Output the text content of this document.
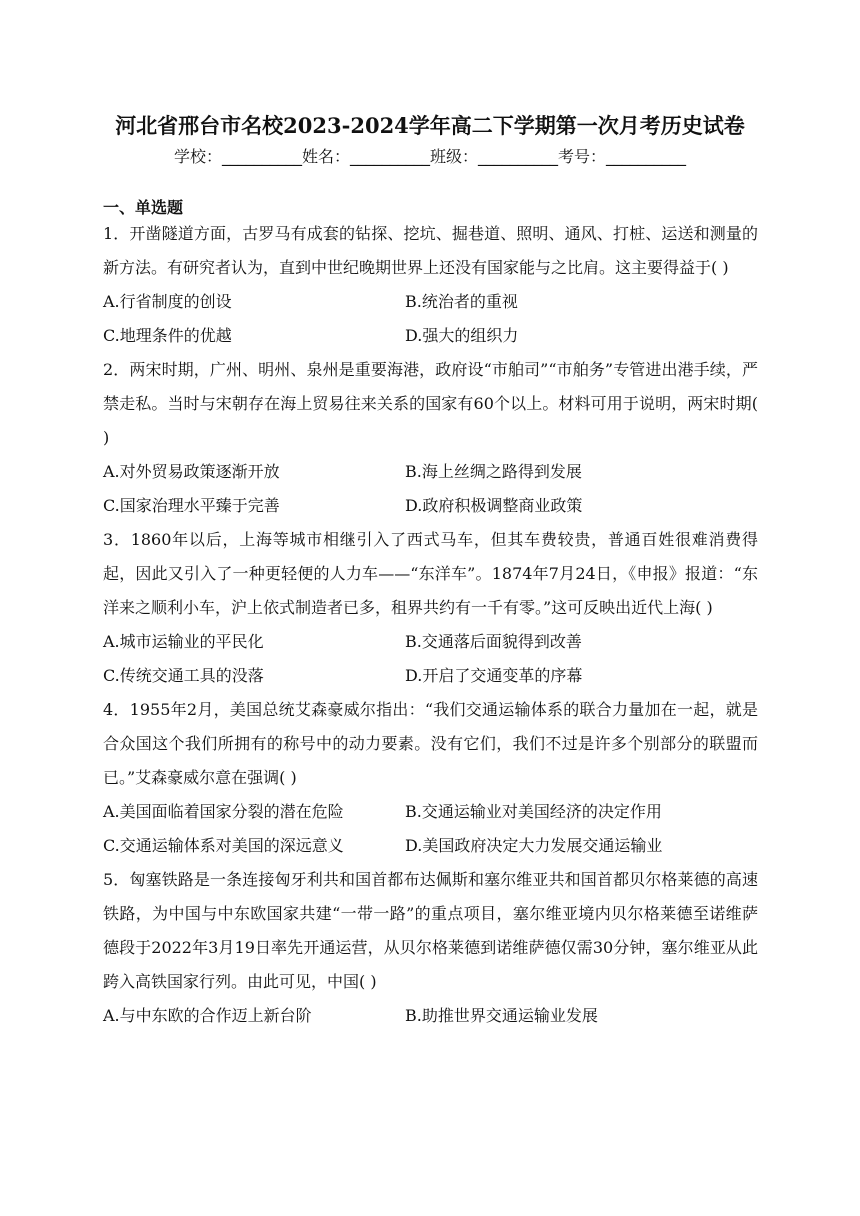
河北省邢台市名校2023-2024学年高二下学期第一次月考历史试卷
学校：__________姓名：__________班级：__________考号：__________
一、单选题

1．开凿隧道方面，古罗马有成套的钻探、挖坑、掘巷道、照明、通风、打桩、运送和测量的新方法。有研究者认为，直到中世纪晚期世界上还没有国家能与之比肩。这主要得益于( )

A.行省制度的创设	B.统治者的重视
C.地理条件的优越	D.强大的组织力

2．两宋时期，广州、明州、泉州是重要海港，政府设“市舶司”“市舶务”专管进出港手续，严禁走私。当时与宋朝存在海上贸易往来关系的国家有60个以上。材料可用于说明，两宋时期( )

A.对外贸易政策逐渐开放	B.海上丝绸之路得到发展
C.国家治理水平臻于完善	D.政府积极调整商业政策

3．1860年以后，上海等城市相继引入了西式马车，但其车费较贵，普通百姓很难消费得起，因此又引入了一种更轻便的人力车——“东洋车”。1874年7月24日，《申报》报道：“东洋来之顺利小车，沪上依式制造者已多，租界共约有一千有零。”这可反映出近代上海( )

A.城市运输业的平民化	B.交通落后面貌得到改善
C.传统交通工具的没落	D.开启了交通变革的序幕

4．1955年2月，美国总统艾森豪威尔指出：“我们交通运输体系的联合力量加在一起，就是合众国这个我们所拥有的称号中的动力要素。没有它们，我们不过是许多个别部分的联盟而已。”艾森豪威尔意在强调( )

A.美国面临着国家分裂的潜在危险	B.交通运输业对美国经济的决定作用
C.交通运输体系对美国的深远意义	D.美国政府决定大力发展交通运输业

5．匈塞铁路是一条连接匈牙利共和国首都布达佩斯和塞尔维亚共和国首都贝尔格莱德的高速铁路，为中国与中东欧国家共建“一带一路”的重点项目，塞尔维亚境内贝尔格莱德至诺维萨德段于2022年3月19日率先开通运营，从贝尔格莱德到诺维萨德仅需30分钟，塞尔维亚从此跨入高铁国家行列。由此可见，中国( )

A.与中东欧的合作迈上新台阶	B.助推世界交通运输业发展
